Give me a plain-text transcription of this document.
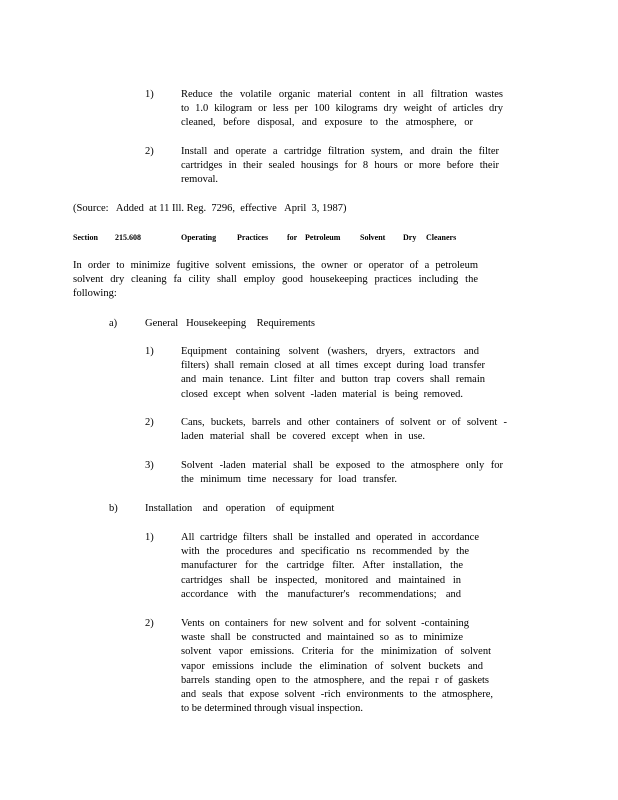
1)	Reduce the volatile organic material content in all filtration wastes
to 1.0 kilogram or less per 100 kilograms dry weight of articles dry
cleaned, before disposal, and exposure to the atmosphere, or
2)	Install and operate a cartridge filtration system, and drain the filter
cartridges in their sealed housings for 8 hours or more before their
removal.
(Source:   Added  at 11 Ill. Reg.  7296,  effective   April  3, 1987)
Section 215.608	Operating	Practices for Petroleum Solvent Dry Cleaners
In order to minimize fugitive solvent emissions, the owner or operator of a petroleum
solvent dry cleaning fa cility shall employ good housekeeping practices including the
following:
a)	General   Housekeeping    Requirements
1)	Equipment containing solvent (washers, dryers, extractors and
filters) shall remain closed at all times except during load transfer
and main tenance. Lint filter and button trap covers shall remain
closed except when solvent -laden material is being removed.
2)	Cans, buckets, barrels and other containers of solvent or of solvent -
laden material shall be covered except when in use.
3)	Solvent -laden material shall be exposed to the atmosphere only for
the minimum time necessary for load transfer.
b)	Installation    and   operation    of  equipment
1)	All cartridge filters shall be installed and operated in accordance
with the procedures and specificatio ns recommended by the
manufacturer for the cartridge filter. After installation, the
cartridges shall be inspected, monitored and maintained in
accordance with the manufacturer's recommendations; and
2)	Vents on containers for new solvent and for solvent -containing
waste shall be constructed and maintained so as to minimize
solvent vapor emissions. Criteria for the minimization of solvent
vapor emissions include the elimination of solvent buckets and
barrels standing open to the atmosphere, and the repai r of gaskets
and seals that expose solvent -rich environments to the atmosphere,
to be determined through visual inspection.
